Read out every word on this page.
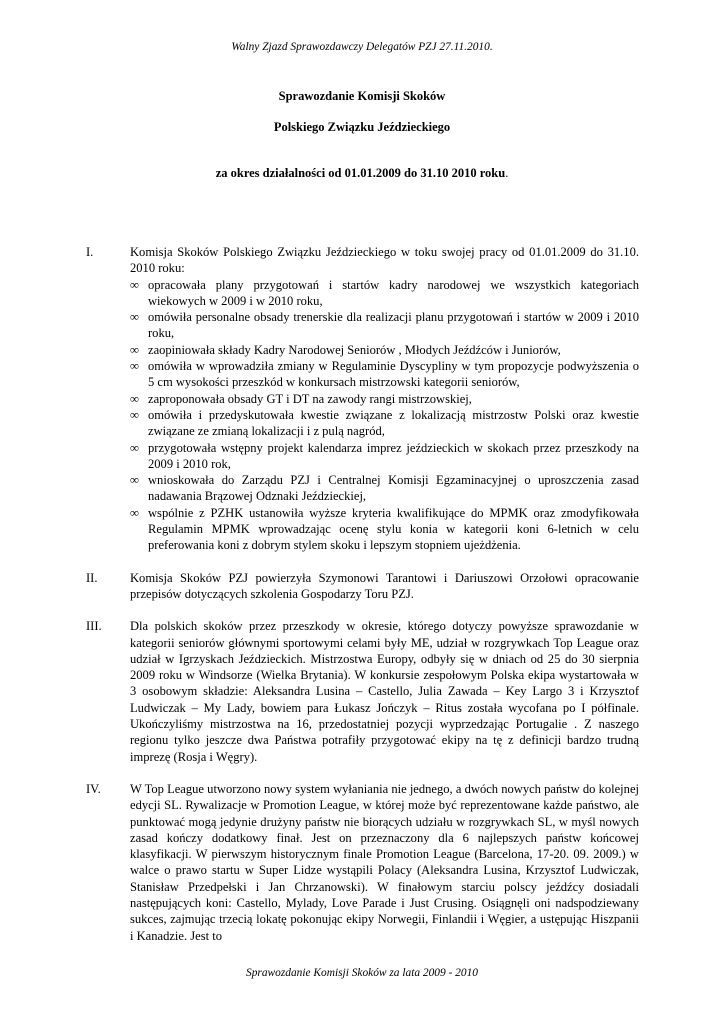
Walny Zjazd Sprawozdawczy Delegatów PZJ 27.11.2010.
Sprawozdanie Komisji Skoków
Polskiego Związku Jeździeckiego
za okres działalności od 01.01.2009 do 31.10 2010 roku.
I.	Komisja Skoków Polskiego Związku Jeździeckiego w toku swojej pracy od 01.01.2009 do 31.10. 2010 roku:

∞ opracowała plany przygotowań i startów kadry narodowej we wszystkich kategoriach wiekowych w 2009 i w 2010 roku,
∞ omówiła personalne obsady trenerskie dla realizacji planu przygotowań i startów w 2009 i 2010 roku,
∞ zaopiniowała składy Kadry Narodowej Seniorów , Młodych Jeźdźców i Juniorów,
∞ omówiła w wprowadziła zmiany w Regulaminie Dyscypliny w tym propozycje podwyższenia o 5 cm wysokości przeszkód w konkursach mistrzowski kategorii seniorów,
∞ zaproponowała obsady GT i DT na zawody rangi mistrzowskiej,
∞ omówiła i przedyskutowała kwestie związane z lokalizacją mistrzostw Polski oraz kwestie związane ze zmianą lokalizacji i z pulą nagród,
∞ przygotowała wstępny projekt kalendarza imprez jeździeckich w skokach przez przeszkody na 2009 i 2010 rok,
∞ wnioskowała do Zarządu PZJ i Centralnej Komisji Egzaminacyjnej o uproszczenia zasad nadawania Brązowej Odznaki Jeździeckiej,
∞ wspólnie z PZHK ustanowiła wyższe kryteria kwalifikujące do MPMK oraz zmodyfikowała Regulamin MPMK wprowadzając ocenę stylu konia w kategorii koni 6-letnich w celu preferowania koni z dobrym stylem skoku i lepszym stopniem ujeżdżenia.
II.	Komisja Skoków PZJ powierzyła Szymonowi Tarantowi i Dariuszowi Orzołowi opracowanie przepisów dotyczących szkolenia Gospodarzy Toru PZJ.

III.	Dla polskich skoków przez przeszkody w okresie, którego dotyczy powyższe sprawozdanie w kategorii seniorów głównymi sportowymi celami były ME, udział w rozgrywkach Top League oraz udział w Igrzyskach Jeździeckich. Mistrzostwa Europy, odbyły się w dniach od 25 do 30 sierpnia 2009 roku w Windsorze (Wielka Brytania). W konkursie zespołowym Polska ekipa wystartowała w 3 osobowym składzie: Aleksandra Lusina – Castello, Julia Zawada – Key Largo 3 i Krzysztof Ludwiczak – My Lady, bowiem para Łukasz Jończyk – Ritus została wycofana po I półfinale. Ukończyliśmy mistrzostwa na 16, przedostatniej pozycji wyprzedzając Portugalie . Z naszego regionu tylko jeszcze dwa Państwa potrafiły przygotować ekipy na tę z definicji bardzo trudną imprezę (Rosja i Węgry).

IV.	W Top League utworzono nowy system wyłaniania nie jednego, a dwóch nowych państw do kolejnej edycji SL. Rywalizacje w Promotion League, w której może być reprezentowane każde państwo, ale punktować mogą jedynie drużyny państw nie biorących udziału w rozgrywkach SL, w myśl nowych zasad kończy dodatkowy finał. Jest on przeznaczony dla 6 najlepszych państw końcowej klasyfikacji. W pierwszym historycznym finale Promotion League (Barcelona, 17-20. 09. 2009.) w walce o prawo startu w Super Lidze wystąpili Polacy (Aleksandra Lusina, Krzysztof Ludwiczak, Stanisław Przedpełski i Jan Chrzanowski). W finałowym starciu polscy jeźdźcy dosiadali następujących koni: Castello, Mylady, Love Parade i Just Crusing. Osiągnęli oni nadspodziewany sukces, zajmując trzecią lokatę pokonując ekipy Norwegii, Finlandii i Węgier, a ustępując Hiszpanii i Kanadzie. Jest to

Sprawozdanie Komisji Skoków za lata 2009 - 2010
